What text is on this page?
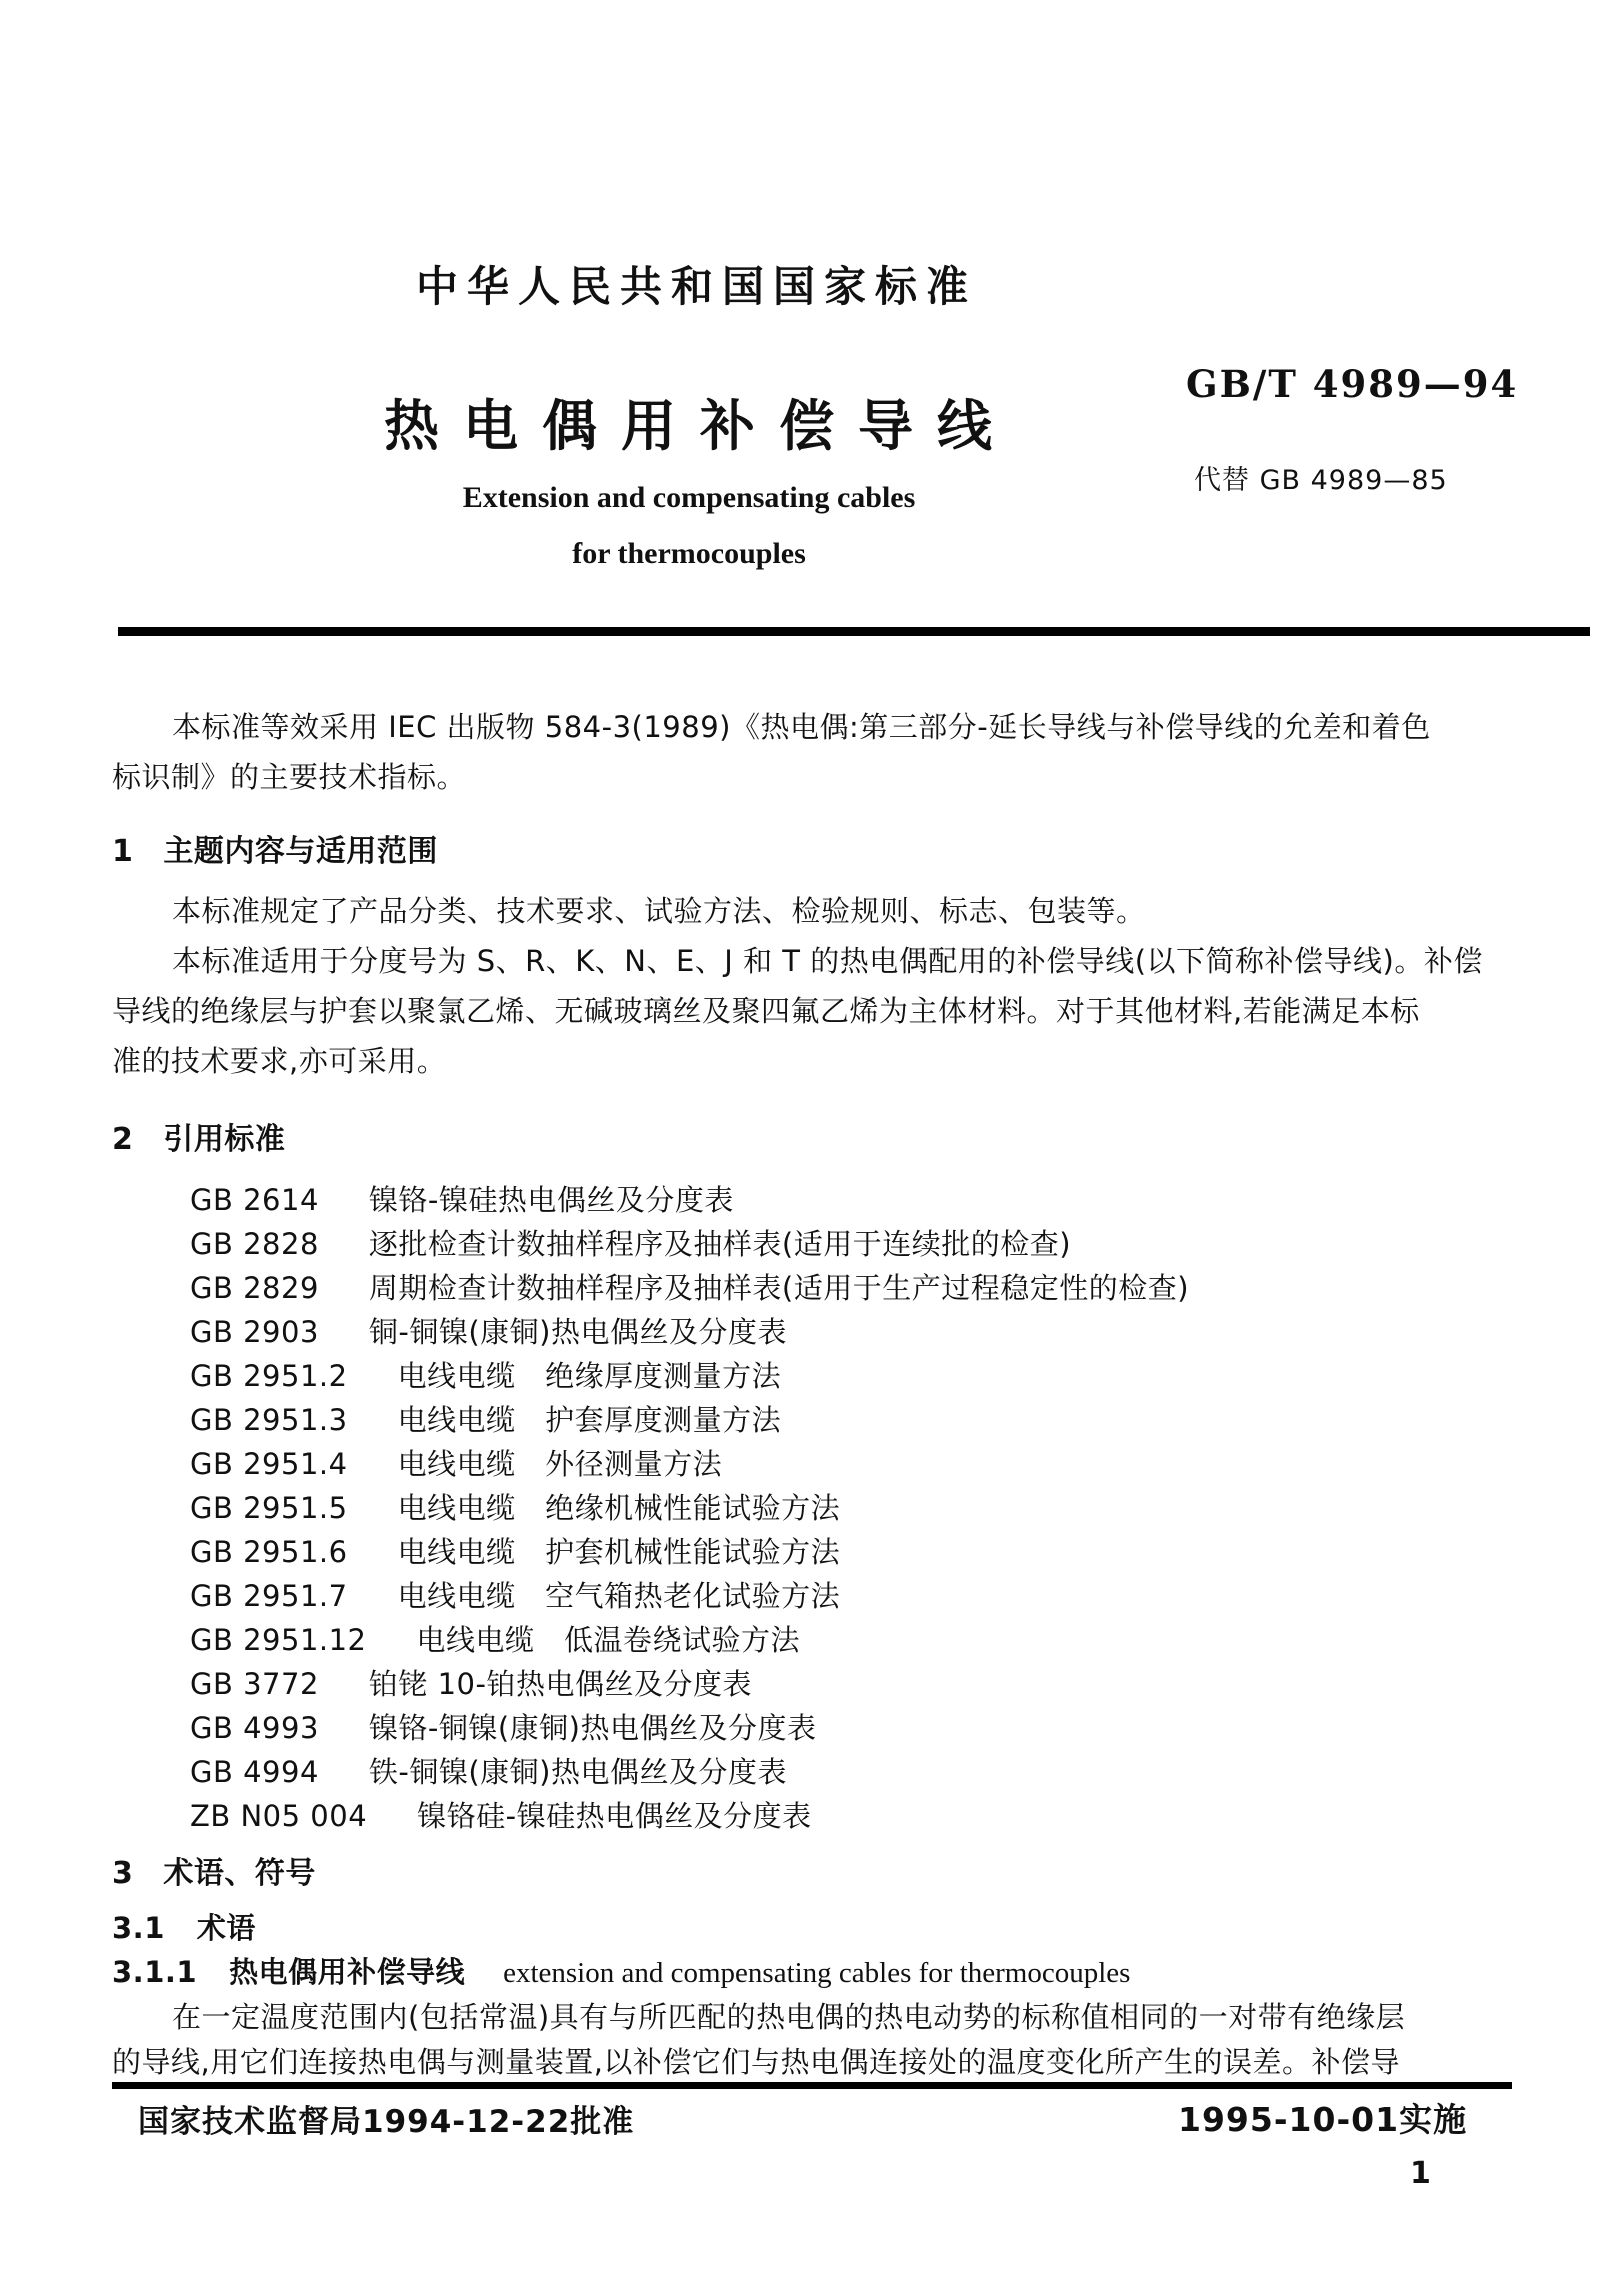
中华人民共和国国家标准
热电偶用补偿导线
GB/T 4989—94
代替 GB 4989—85
Extension and compensating cables
for thermocouples
本标准等效采用 IEC 出版物 584-3(1989)《热电偶:第三部分-延长导线与补偿导线的允差和着色
标识制》的主要技术指标。
1 主题内容与适用范围
本标准规定了产品分类、技术要求、试验方法、检验规则、标志、包装等。
本标准适用于分度号为 S、R、K、N、E、J 和 T 的热电偶配用的补偿导线(以下简称补偿导线)。补偿
导线的绝缘层与护套以聚氯乙烯、无碱玻璃丝及聚四氟乙烯为主体材料。对于其他材料,若能满足本标
准的技术要求,亦可采用。
2 引用标准
GB 2614 镍铬-镍硅热电偶丝及分度表
GB 2828 逐批检查计数抽样程序及抽样表(适用于连续批的检查)
GB 2829 周期检查计数抽样程序及抽样表(适用于生产过程稳定性的检查)
GB 2903 铜-铜镍(康铜)热电偶丝及分度表
GB 2951.2 电线电缆　绝缘厚度测量方法
GB 2951.3 电线电缆　护套厚度测量方法
GB 2951.4 电线电缆　外径测量方法
GB 2951.5 电线电缆　绝缘机械性能试验方法
GB 2951.6 电线电缆　护套机械性能试验方法
GB 2951.7 电线电缆　空气箱热老化试验方法
GB 2951.12 电线电缆　低温卷绕试验方法
GB 3772 铂铑 10-铂热电偶丝及分度表
GB 4993 镍铬-铜镍(康铜)热电偶丝及分度表
GB 4994 铁-铜镍(康铜)热电偶丝及分度表
ZB N05 004 镍铬硅-镍硅热电偶丝及分度表
3 术语、符号
3.1 术语
3.1.1 热电偶用补偿导线 extension and compensating cables for thermocouples
在一定温度范围内(包括常温)具有与所匹配的热电偶的热电动势的标称值相同的一对带有绝缘层
的导线,用它们连接热电偶与测量装置,以补偿它们与热电偶连接处的温度变化所产生的误差。补偿导
国家技术监督局1994-12-22批准	1995-10-01实施
1
